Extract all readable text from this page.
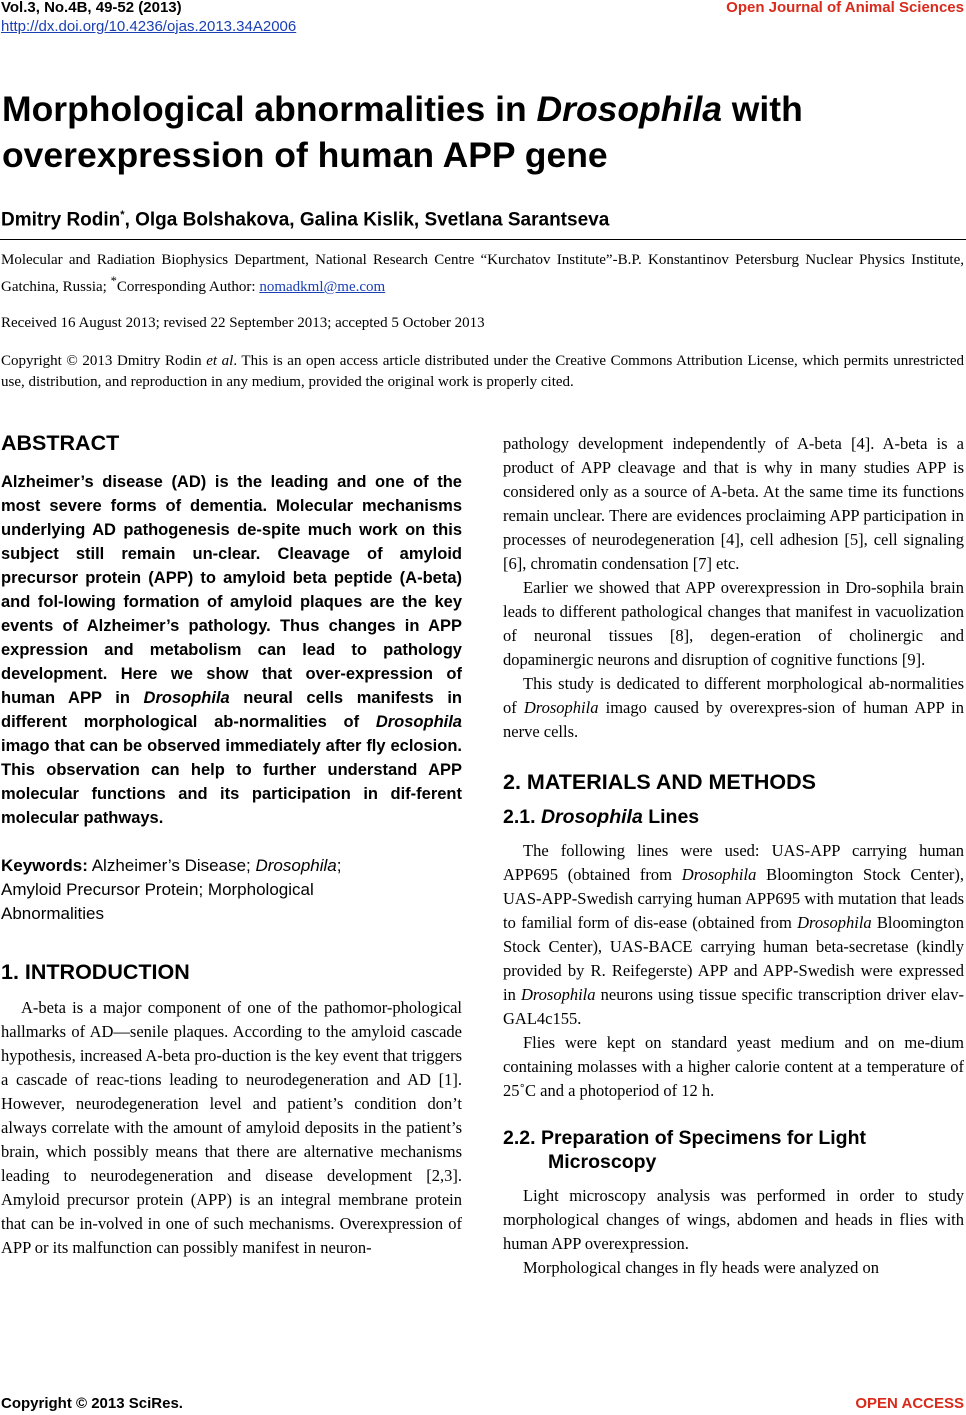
Vol.3, No.4B, 49-52 (2013)
http://dx.doi.org/10.4236/ojas.2013.34A2006
Open Journal of Animal Sciences
Morphological abnormalities in Drosophila with overexpression of human APP gene
Dmitry Rodin*, Olga Bolshakova, Galina Kislik, Svetlana Sarantseva
Molecular and Radiation Biophysics Department, National Research Centre “Kurchatov Institute”-B.P. Konstantinov Petersburg Nuclear Physics Institute, Gatchina, Russia; *Corresponding Author: nomadkml@me.com
Received 16 August 2013; revised 22 September 2013; accepted 5 October 2013
Copyright © 2013 Dmitry Rodin et al. This is an open access article distributed under the Creative Commons Attribution License, which permits unrestricted use, distribution, and reproduction in any medium, provided the original work is properly cited.
ABSTRACT

Alzheimer’s disease (AD) is the leading and one of the most severe forms of dementia. Molecular mechanisms underlying AD pathogenesis de-spite much work on this subject still remain un-clear. Cleavage of amyloid precursor protein (APP) to amyloid beta peptide (A-beta) and fol-lowing formation of amyloid plaques are the key events of Alzheimer’s pathology. Thus changes in APP expression and metabolism can lead to pathology development. Here we show that over-expression of human APP in Drosophila neural cells manifests in different morphological ab-normalities of Drosophila imago that can be observed immediately after fly eclosion. This observation can help to further understand APP molecular functions and its participation in dif-ferent molecular pathways.

Keywords: Alzheimer’s Disease; Drosophila;
Amyloid Precursor Protein; Morphological
Abnormalities

1. INTRODUCTION

A-beta is a major component of one of the pathomor-phological hallmarks of AD—senile plaques. According to the amyloid cascade hypothesis, increased A-beta pro-duction is the key event that triggers a cascade of reac-tions leading to neurodegeneration and AD [1]. However, neurodegeneration level and patient’s condition don’t always correlate with the amount of amyloid deposits in the patient’s brain, which possibly means that there are alternative mechanisms leading to neurodegeneration and disease development [2,3]. Amyloid precursor protein (APP) is an integral membrane protein that can be in-volved in one of such mechanisms. Overexpression of APP or its malfunction can possibly manifest in neuron-

pathology development independently of A-beta [4]. A-beta is a product of APP cleavage and that is why in many studies APP is considered only as a source of A-beta. At the same time its functions remain unclear. There are evidences proclaiming APP participation in processes of neurodegeneration [4], cell adhesion [5], cell signaling [6], chromatin condensation [7] etc.

Earlier we showed that APP overexpression in Dro-sophila brain leads to different pathological changes that manifest in vacuolization of neuronal tissues [8], degen-eration of cholinergic and dopaminergic neurons and disruption of cognitive functions [9].

This study is dedicated to different morphological ab-normalities of Drosophila imago caused by overexpres-sion of human APP in nerve cells.

2. MATERIALS AND METHODS
2.1. Drosophila Lines

The following lines were used: UAS-APP carrying human APP695 (obtained from Drosophila Bloomington Stock Center), UAS-APP-Swedish carrying human APP695 with mutation that leads to familial form of dis-ease (obtained from Drosophila Bloomington Stock Center), UAS-BACE carrying human beta-secretase (kindly provided by R. Reifegerste) APP and APP-Swedish were expressed in Drosophila neurons using tissue specific transcription driver elav-GAL4c155.

Flies were kept on standard yeast medium and on me-dium containing molasses with a higher calorie content at a temperature of 25˚C and a photoperiod of 12 h.

2.2. Preparation of Specimens for Light
Microscopy

Light microscopy analysis was performed in order to study morphological changes of wings, abdomen and heads in flies with human APP overexpression.

Morphological changes in fly heads were analyzed on

Copyright © 2013 SciRes.	OPEN ACCESS
